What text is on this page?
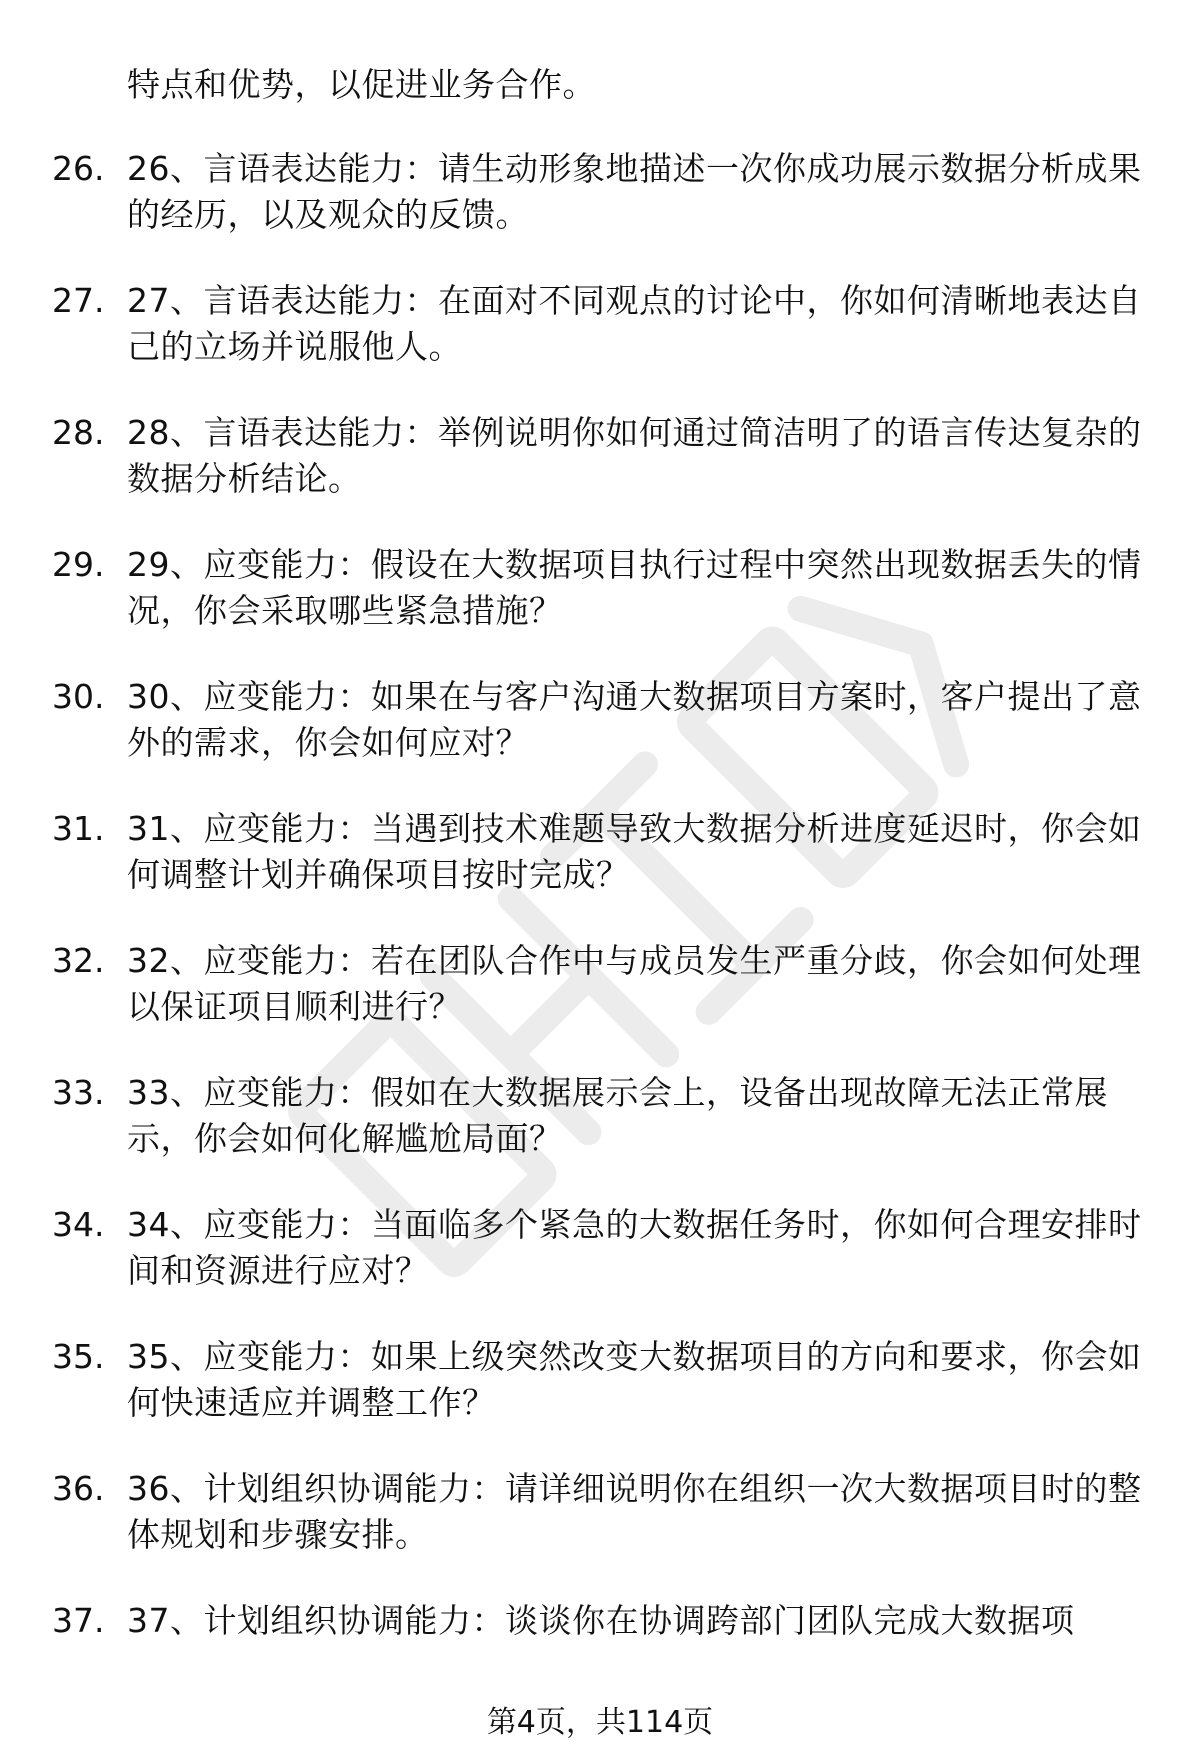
特点和优势，以促进业务合作。
26. 26、言语表达能力：请生动形象地描述一次你成功展示数据分析成果的经历，以及观众的反馈。
27. 27、言语表达能力：在面对不同观点的讨论中，你如何清晰地表达自己的立场并说服他人。
28. 28、言语表达能力：举例说明你如何通过简洁明了的语言传达复杂的数据分析结论。
29. 29、应变能力：假设在大数据项目执行过程中突然出现数据丢失的情况，你会采取哪些紧急措施？
30. 30、应变能力：如果在与客户沟通大数据项目方案时，客户提出了意外的需求，你会如何应对？
31. 31、应变能力：当遇到技术难题导致大数据分析进度延迟时，你会如何调整计划并确保项目按时完成？
32. 32、应变能力：若在团队合作中与成员发生严重分歧，你会如何处理以保证项目顺利进行？
33. 33、应变能力：假如在大数据展示会上，设备出现故障无法正常展示，你会如何化解尴尬局面？
34. 34、应变能力：当面临多个紧急的大数据任务时，你如何合理安排时间和资源进行应对？
35. 35、应变能力：如果上级突然改变大数据项目的方向和要求，你会如何快速适应并调整工作？
36. 36、计划组织协调能力：请详细说明你在组织一次大数据项目时的整体规划和步骤安排。
37. 37、计划组织协调能力：谈谈你在协调跨部门团队完成大数据项
第4页，共114页
